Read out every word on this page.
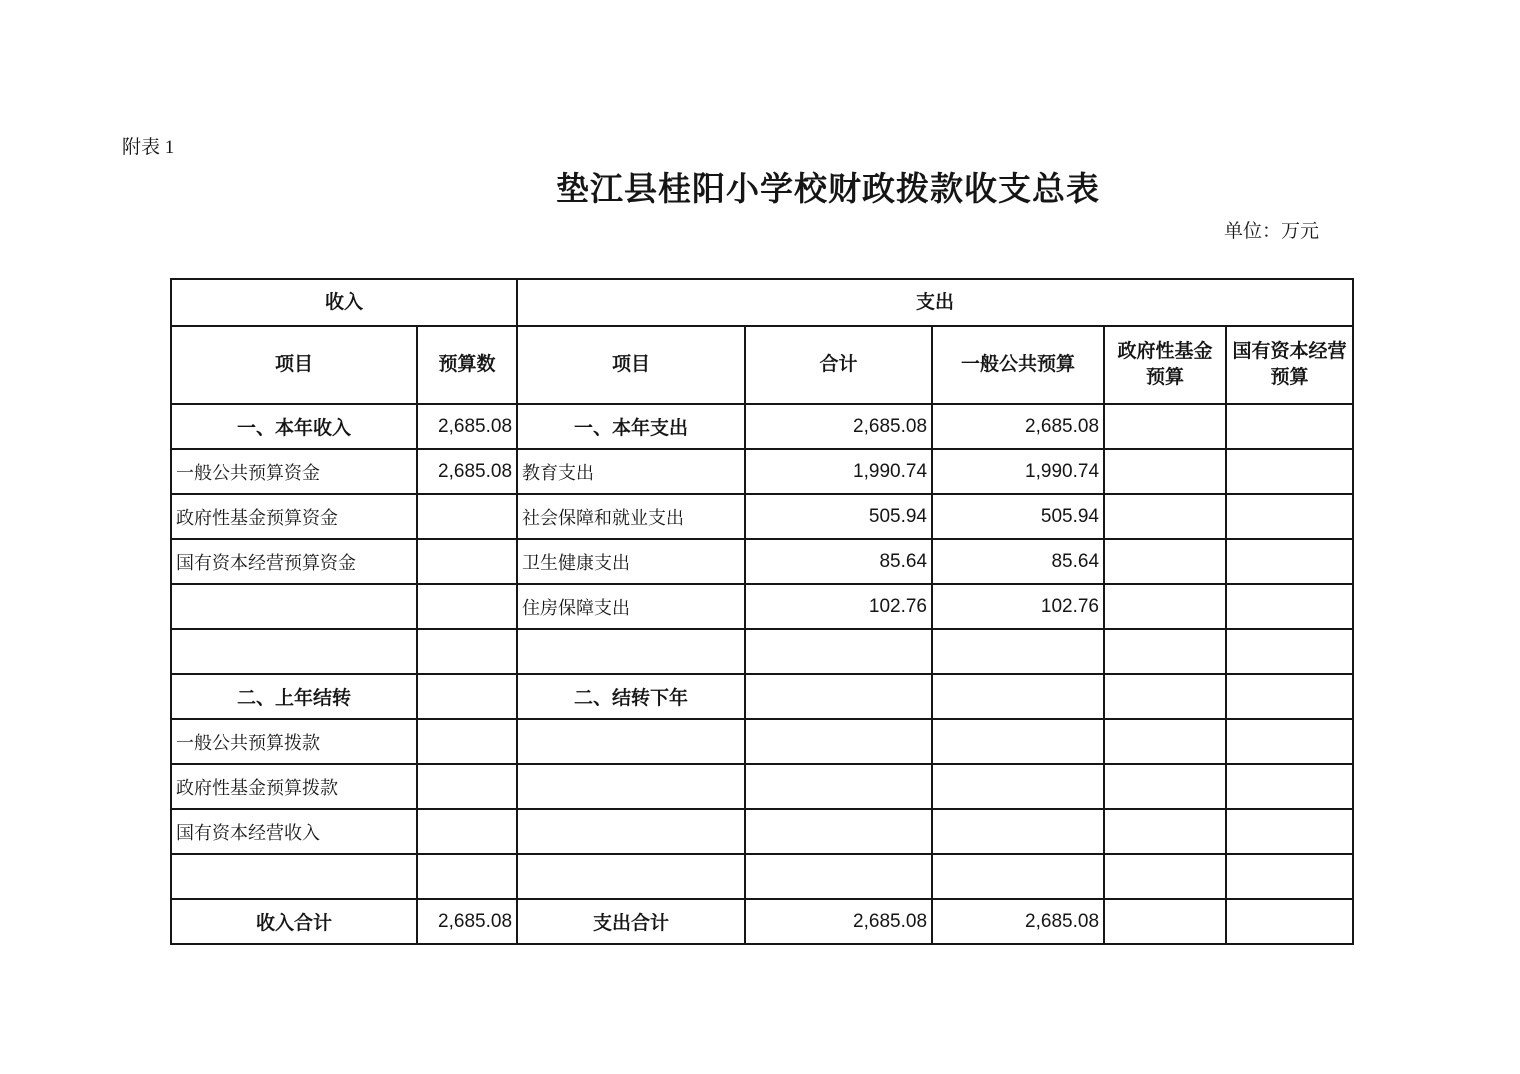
附表 1
垫江县桂阳小学校财政拨款收支总表
单位：万元
收入		支出				
项目	预算数	项目	合计	一般公共预算	政府性基金预算	国有资本经营预算
一、本年收入	2,685.08	一、本年支出	2,685.08	2,685.08		
一般公共预算资金	2,685.08	教育支出	1,990.74	1,990.74		
政府性基金预算资金		社会保障和就业支出	505.94	505.94		
国有资本经营预算资金		卫生健康支出	85.64	85.64		
		住房保障支出	102.76	102.76		

二、上年结转		二、结转下年				
一般公共预算拨款						
政府性基金预算拨款						
国有资本经营收入						

收入合计	2,685.08	支出合计	2,685.08	2,685.08		
